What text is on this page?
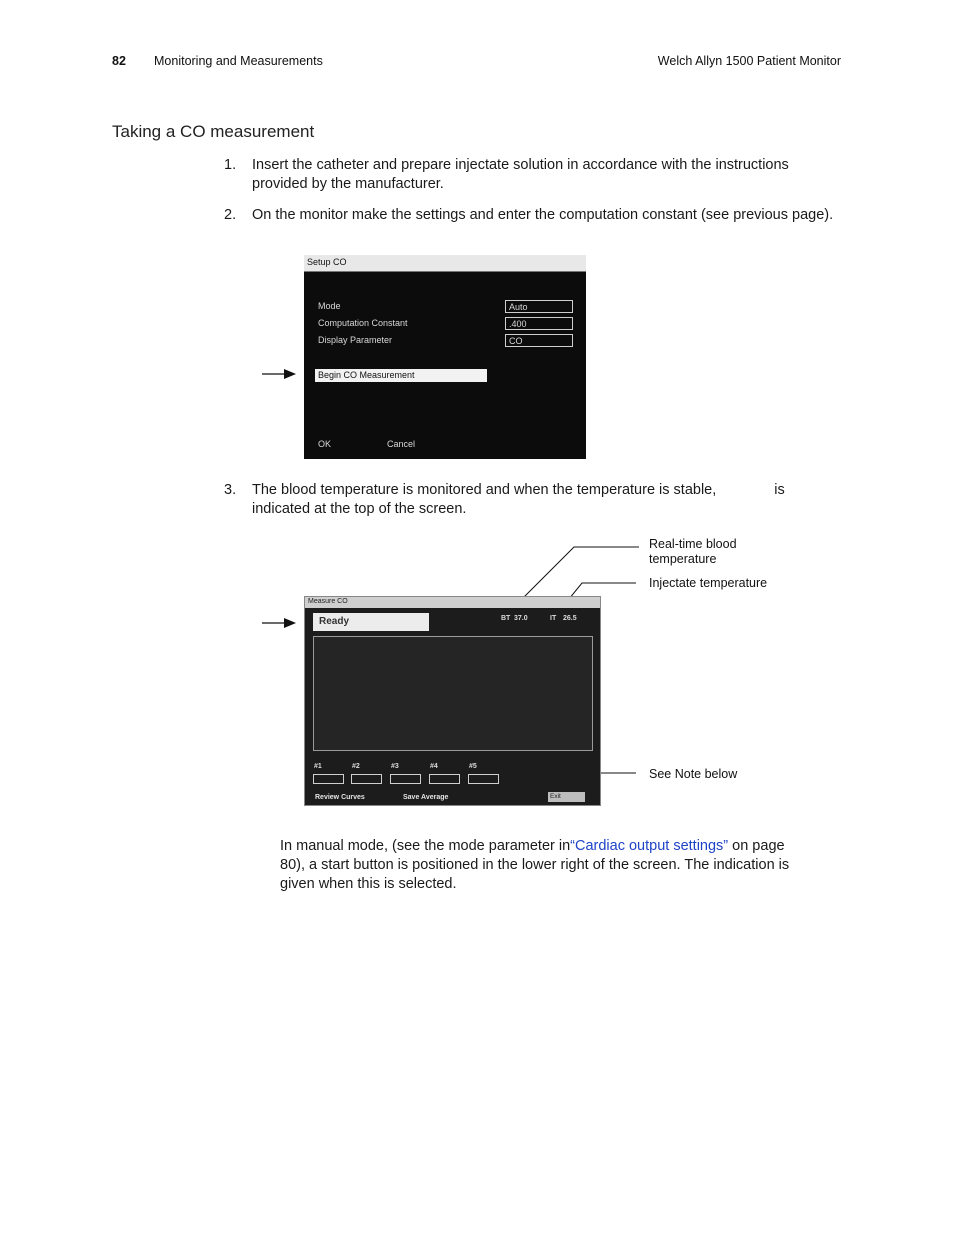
82 Monitoring and Measurements	Welch Allyn 1500 Patient Monitor
Taking a CO measurement
1. Insert the catheter and prepare injectate solution in accordance with the instructions provided by the manufacturer.
2. On the monitor make the settings and enter the computation constant (see previous page).
Setup CO
Mode	Auto
Computation Constant	.400
Display Parameter	CO
Begin CO Measurement
OK	Cancel
3. The blood temperature is monitored and when the temperature is stable,	is
indicated at the top of the screen.
Real-time blood temperature
Injectate temperature
See Note below
Measure CO
Ready	BT 37.0	IT 26.5
#1	#2	#3	#4	#5
Review Curves	Save Average	Exit
In manual mode, (see the mode parameter in“Cardiac output settings” on page 80), a start button is positioned in the lower right of the screen. The indication is given when this is selected.
